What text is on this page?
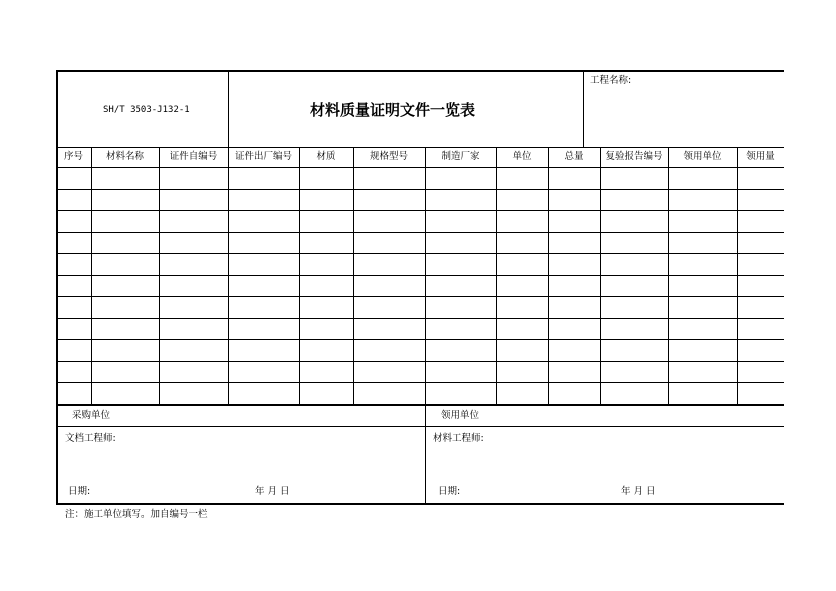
SH/T 3503-J132-1	材料质量证明文件一览表
工程名称:
序号	材料名称	证件自编号	证件出厂编号	材质	规格型号	制造厂家	单位	总量	复验报告编号	领用单位	领用量
采购单位	领用单位
文档工程师:	材料工程师:
日期:	年 月 日	日期:	年 月 日
注：施工单位填写。加自编号一栏
